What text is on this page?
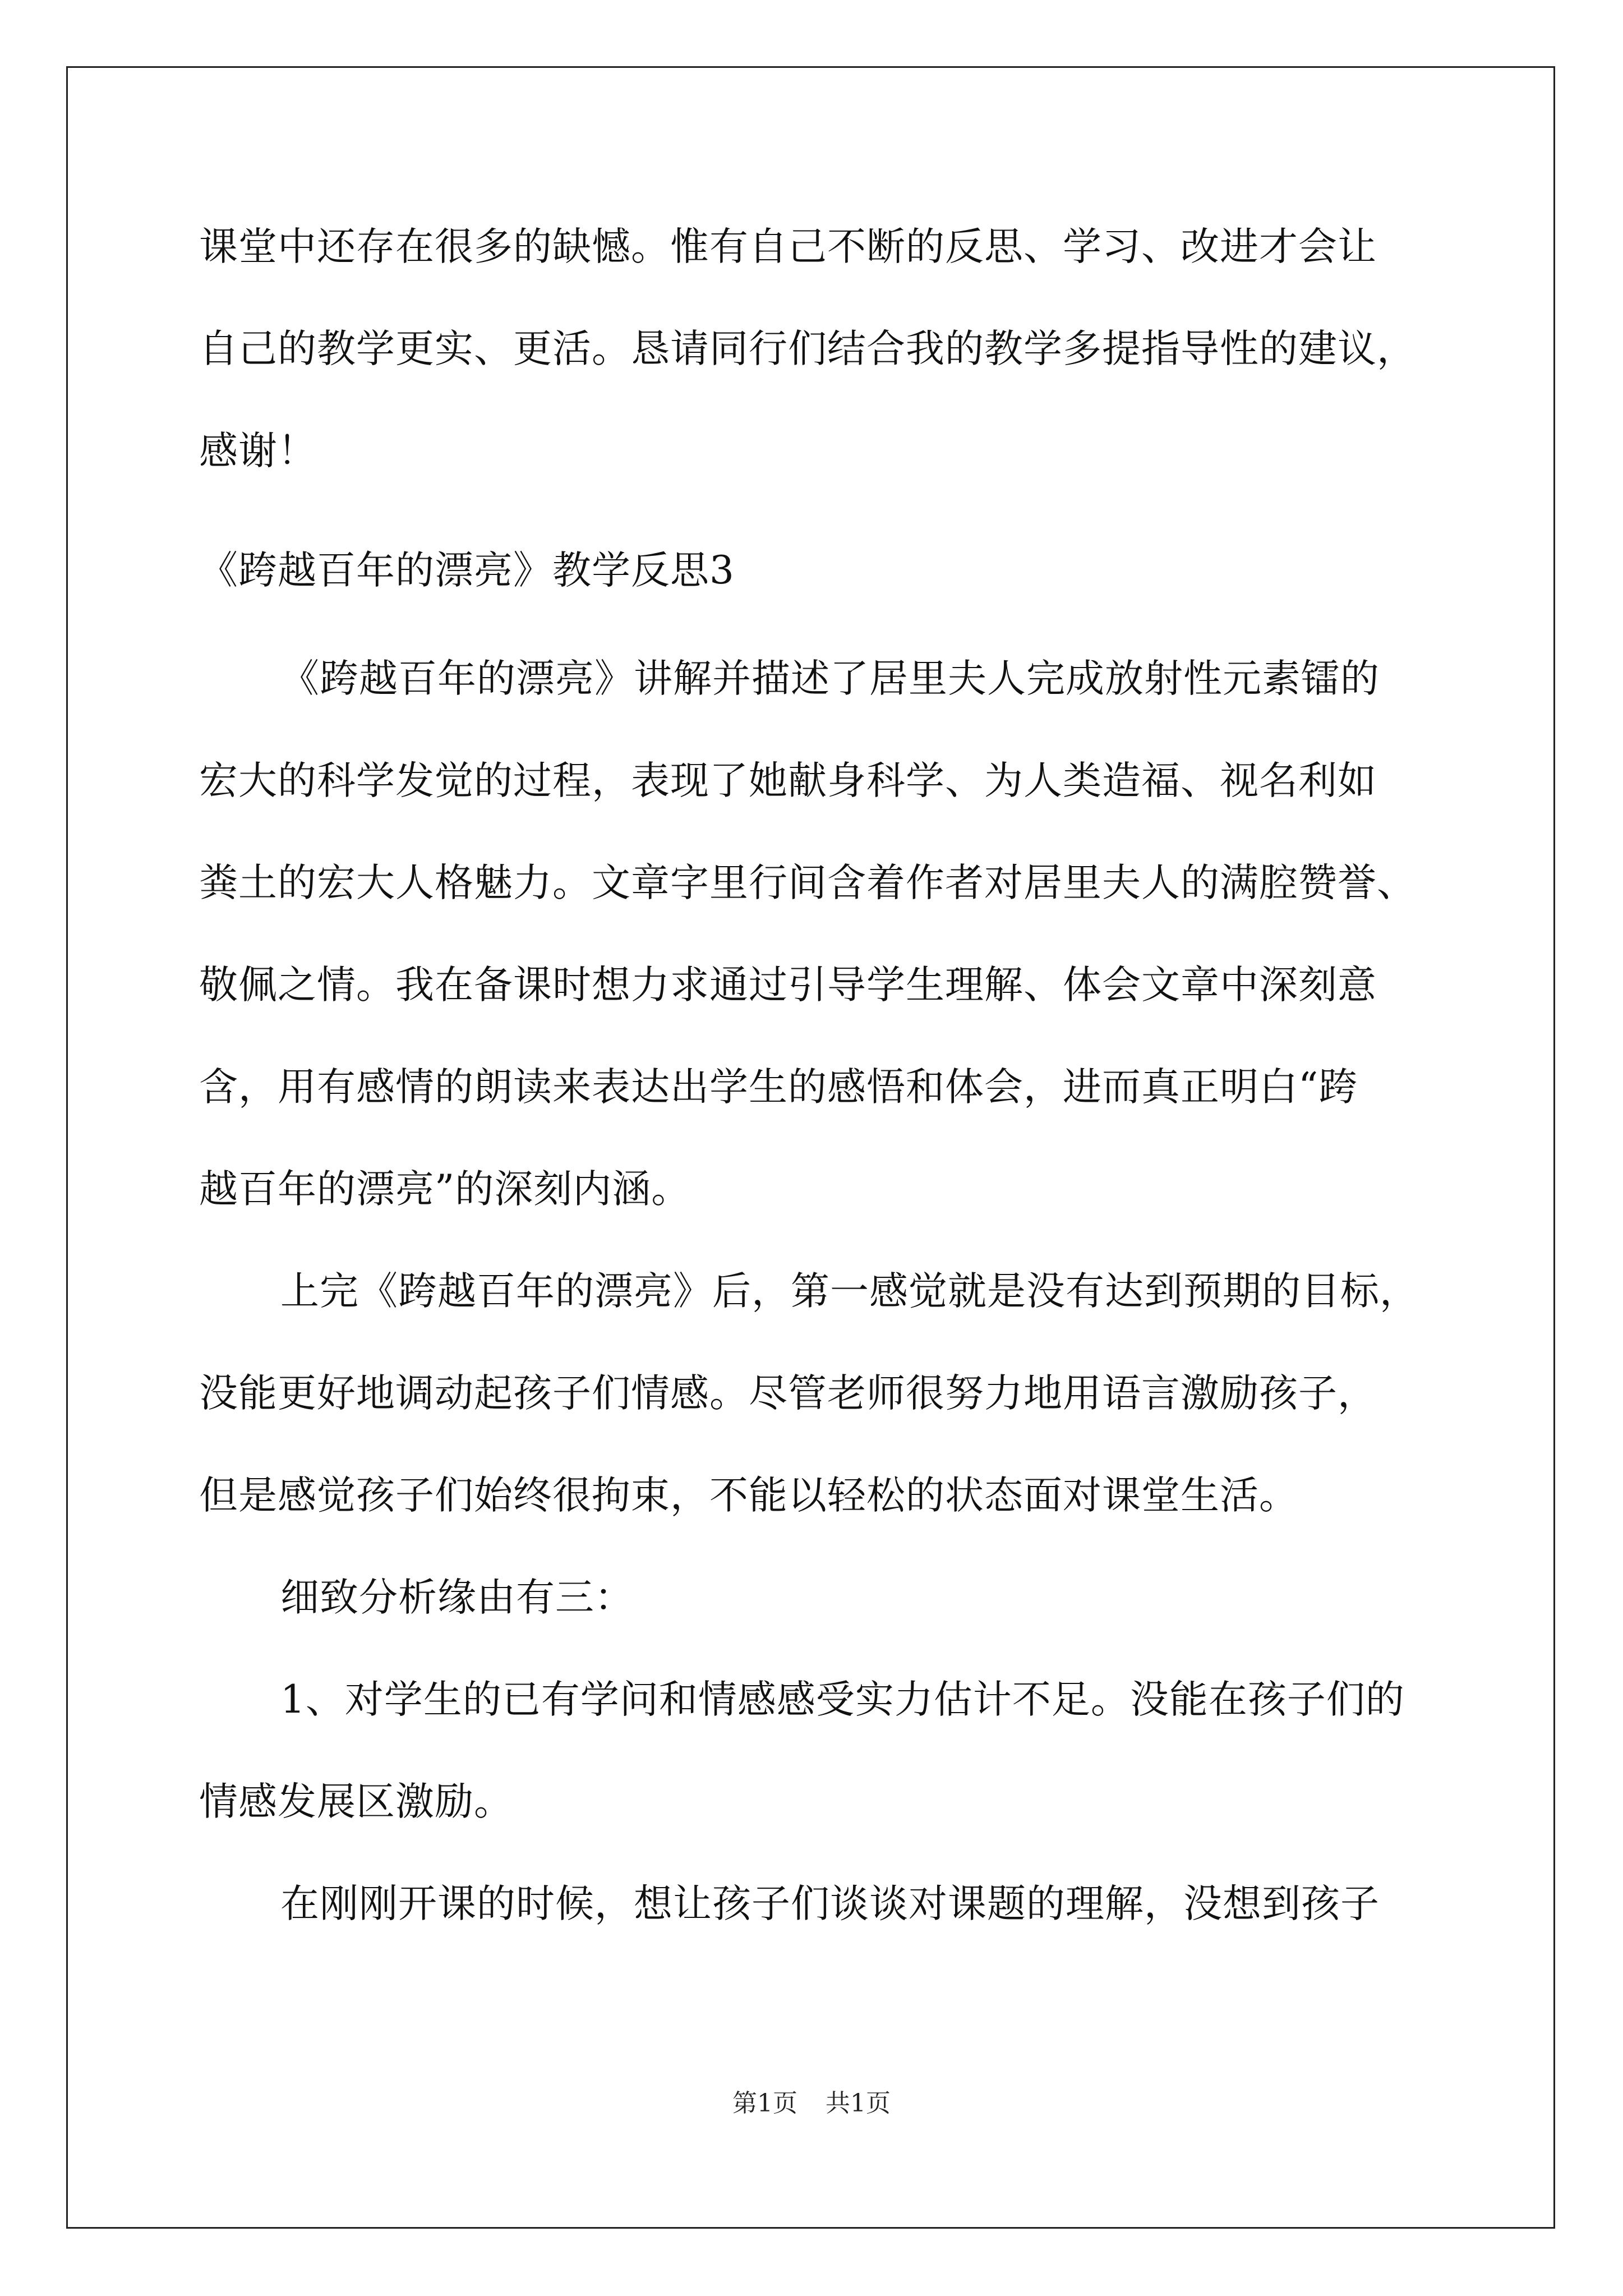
课堂中还存在很多的缺憾。惟有自己不断的反思、学习、改进才会让
自己的教学更实、更活。恳请同行们结合我的教学多提指导性的建议，
感谢！
《跨越百年的漂亮》教学反思3
《跨越百年的漂亮》讲解并描述了居里夫人完成放射性元素镭的
宏大的科学发觉的过程，表现了她献身科学、为人类造福、视名利如
粪土的宏大人格魅力。文章字里行间含着作者对居里夫人的满腔赞誉、
敬佩之情。我在备课时想力求通过引导学生理解、体会文章中深刻意
含，用有感情的朗读来表达出学生的感悟和体会，进而真正明白“跨
越百年的漂亮”的深刻内涵。
上完《跨越百年的漂亮》后，第一感觉就是没有达到预期的目标，
没能更好地调动起孩子们情感。尽管老师很努力地用语言激励孩子，
但是感觉孩子们始终很拘束，不能以轻松的状态面对课堂生活。
细致分析缘由有三：
1、对学生的已有学问和情感感受实力估计不足。没能在孩子们的
情感发展区激励。
在刚刚开课的时候，想让孩子们谈谈对课题的理解，没想到孩子
第1页 共1页
